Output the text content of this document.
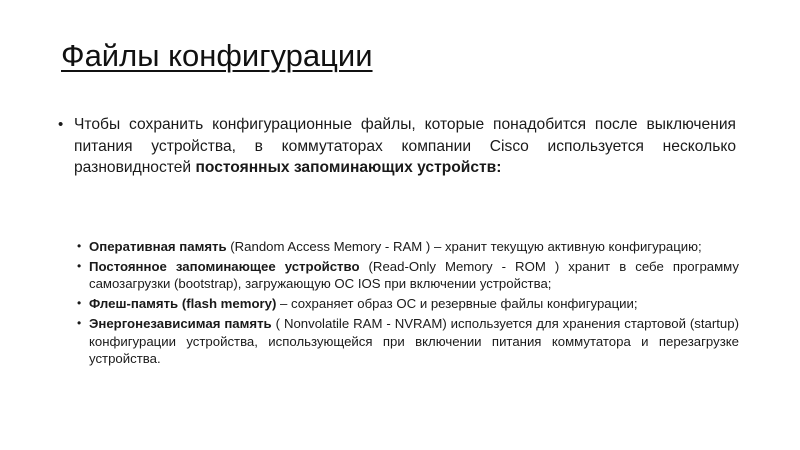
Файлы конфигурации
• Чтобы сохранить конфигурационные файлы, которые понадобится после выключения питания устройства, в коммутаторах компании Cisco используется несколько разновидностей постоянных запоминающих устройств:
• Оперативная память (Random Access Memory - RAM ) – хранит текущую активную конфигурацию;
• Постоянное запоминающее устройство (Read-Only Memory - ROM ) хранит в себе программу самозагрузки (bootstrap), загружающую ОС IOS при включении устройства;
• Флеш-память (flash memory) – сохраняет образ ОС и резервные файлы конфигурации;
• Энергонезависимая память ( Nonvolatile RAM - NVRAM) используется для хранения стартовой (startup) конфигурации устройства, использующейся при включении питания коммутатора и перезагрузке устройства.
